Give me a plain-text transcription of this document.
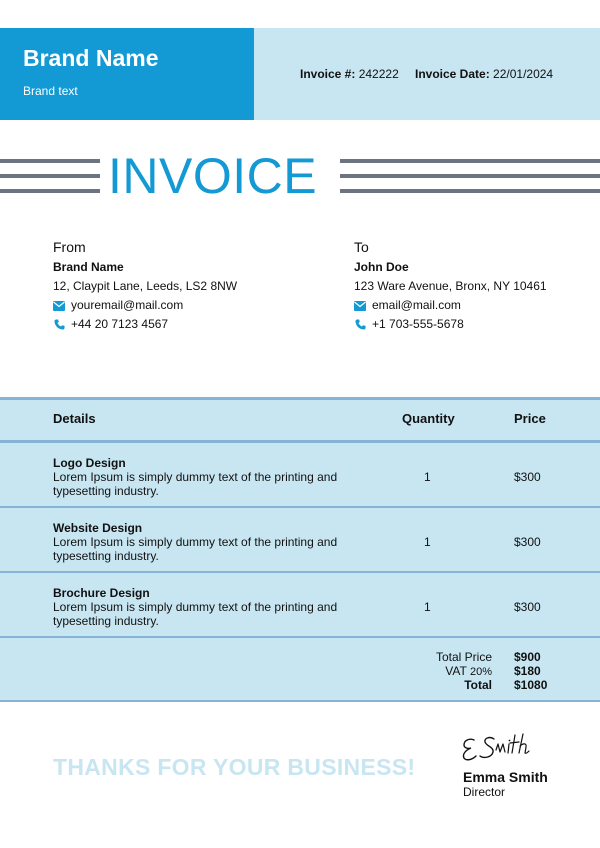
Brand Name
Brand text
Invoice #: 242222 Invoice Date: 22/01/2024
INVOICE
From
Brand Name
12, Claypit Lane, Leeds, LS2 8NW
youremail@mail.com
+44 20 7123 4567
To
John Doe
123 Ware Avenue, Bronx, NY 10461
email@mail.com
+1 703-555-5678
Details	Quantity	Price
Logo Design
Lorem Ipsum is simply dummy text of the printing and typesetting industry.
1	$300
Website Design
Lorem Ipsum is simply dummy text of the printing and typesetting industry.
1	$300
Brochure Design
Lorem Ipsum is simply dummy text of the printing and typesetting industry.
1	$300
Total Price $900
VAT 20% $180
Total $1080
THANKS FOR YOUR BUSINESS!	Emma Smith
Director
